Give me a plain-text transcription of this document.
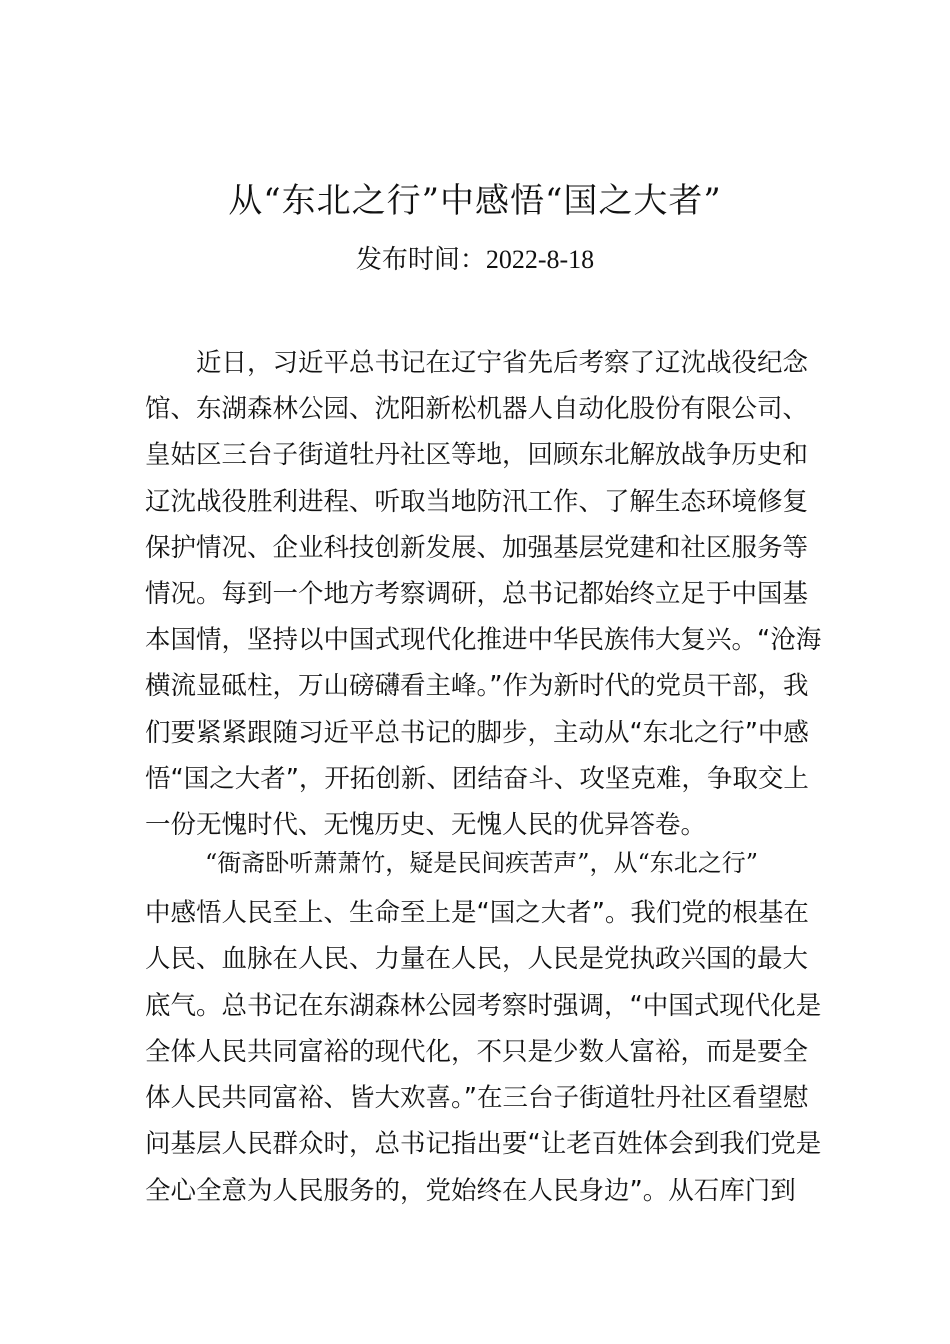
从“东北之行”中感悟“国之大者”
发布时间：2022-8-18
近日，习近平总书记在辽宁省先后考察了辽沈战役纪念馆、东湖森林公园、沈阳新松机器人自动化股份有限公司、 皇姑区三台子街道牡丹社区等地，回顾东北解放战争历史和辽沈战役胜利进程、听取当地防汛工作、了解生态环境修复保护情况、企业科技创新发展、加强基层党建和社区服务等情况。每到一个地方考察调研，总书记都始终立足于中国基本国情，坚持以中国式现代化推进中华民族伟大复兴。“沧海横流显砥柱，万山磅礴看主峰。”作为新时代的党员干部，我们要紧紧跟随习近平总书记的脚步，主动从“东北之行”中感悟“国之大者”，开拓创新、团结奋斗、攻坚克难，争取交上一份无愧时代、无愧历史、无愧人民的优异答卷。
“衙斋卧听萧萧竹，疑是民间疾苦声”，从“东北之行”
中感悟人民至上、生命至上是“国之大者”。我们党的根基在人民、血脉在人民、力量在人民，人民是党执政兴国的最大底气。总书记在东湖森林公园考察时强调，“中国式现代化是全体人民共同富裕的现代化，不只是少数人富裕，而是要全体人民共同富裕、皆大欢喜。”在三台子街道牡丹社区看望慰问基层人民群众时，总书记指出要“让老百姓体会到我们党是全心全意为人民服务的，党始终在人民身边”。从石库门到
